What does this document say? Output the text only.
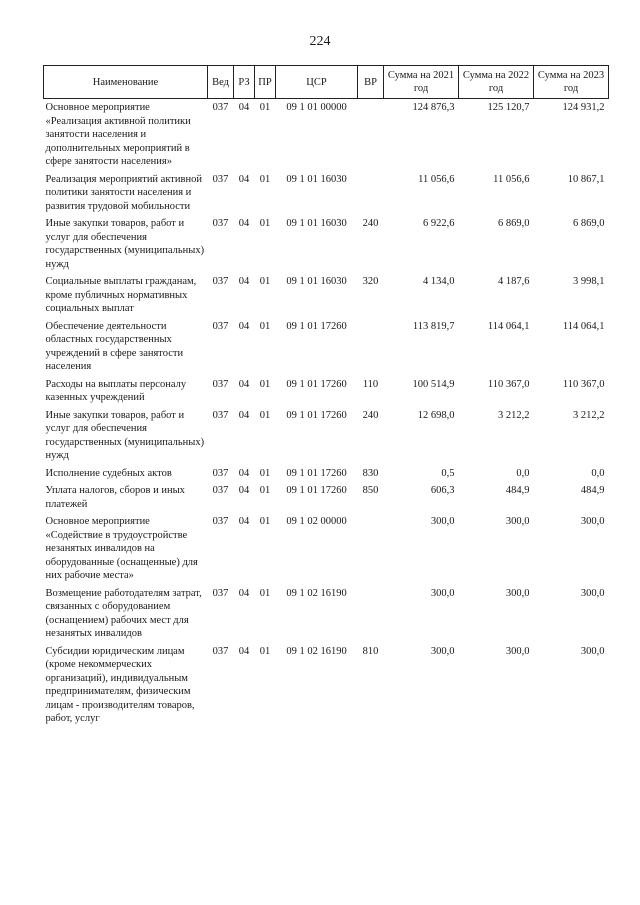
224
Наименование	Вед	РЗ	ПР	ЦСР	ВР	Сумма на 2021 год	Сумма на 2022 год	Сумма на 2023 год
Основное мероприятие «Реализация активной политики занятости населения и дополнительных мероприятий в сфере занятости населения»	037	04	01	09 1 01 00000		124 876,3	125 120,7	124 931,2
Реализация мероприятий активной политики занятости населения и развития трудовой мобильности	037	04	01	09 1 01 16030		11 056,6	11 056,6	10 867,1
Иные закупки товаров, работ и услуг для обеспечения государственных (муниципальных) нужд	037	04	01	09 1 01 16030	240	6 922,6	6 869,0	6 869,0
Социальные выплаты гражданам, кроме публичных нормативных социальных выплат	037	04	01	09 1 01 16030	320	4 134,0	4 187,6	3 998,1
Обеспечение деятельности областных государственных учреждений в сфере занятости населения	037	04	01	09 1 01 17260		113 819,7	114 064,1	114 064,1
Расходы на выплаты персоналу казенных учреждений	037	04	01	09 1 01 17260	110	100 514,9	110 367,0	110 367,0
Иные закупки товаров, работ и услуг для обеспечения государственных (муниципальных) нужд	037	04	01	09 1 01 17260	240	12 698,0	3 212,2	3 212,2
Исполнение судебных актов	037	04	01	09 1 01 17260	830	0,5	0,0	0,0
Уплата налогов, сборов и иных платежей	037	04	01	09 1 01 17260	850	606,3	484,9	484,9
Основное мероприятие «Содействие в трудоустройстве незанятых инвалидов на оборудованные (оснащенные) для них рабочие места»	037	04	01	09 1 02 00000		300,0	300,0	300,0
Возмещение работодателям затрат, связанных с оборудованием (оснащением) рабочих мест для незанятых инвалидов	037	04	01	09 1 02 16190		300,0	300,0	300,0
Субсидии юридическим лицам (кроме некоммерческих организаций), индивидуальным предпринимателям, физическим лицам - производителям товаров, работ, услуг	037	04	01	09 1 02 16190	810	300,0	300,0	300,0
